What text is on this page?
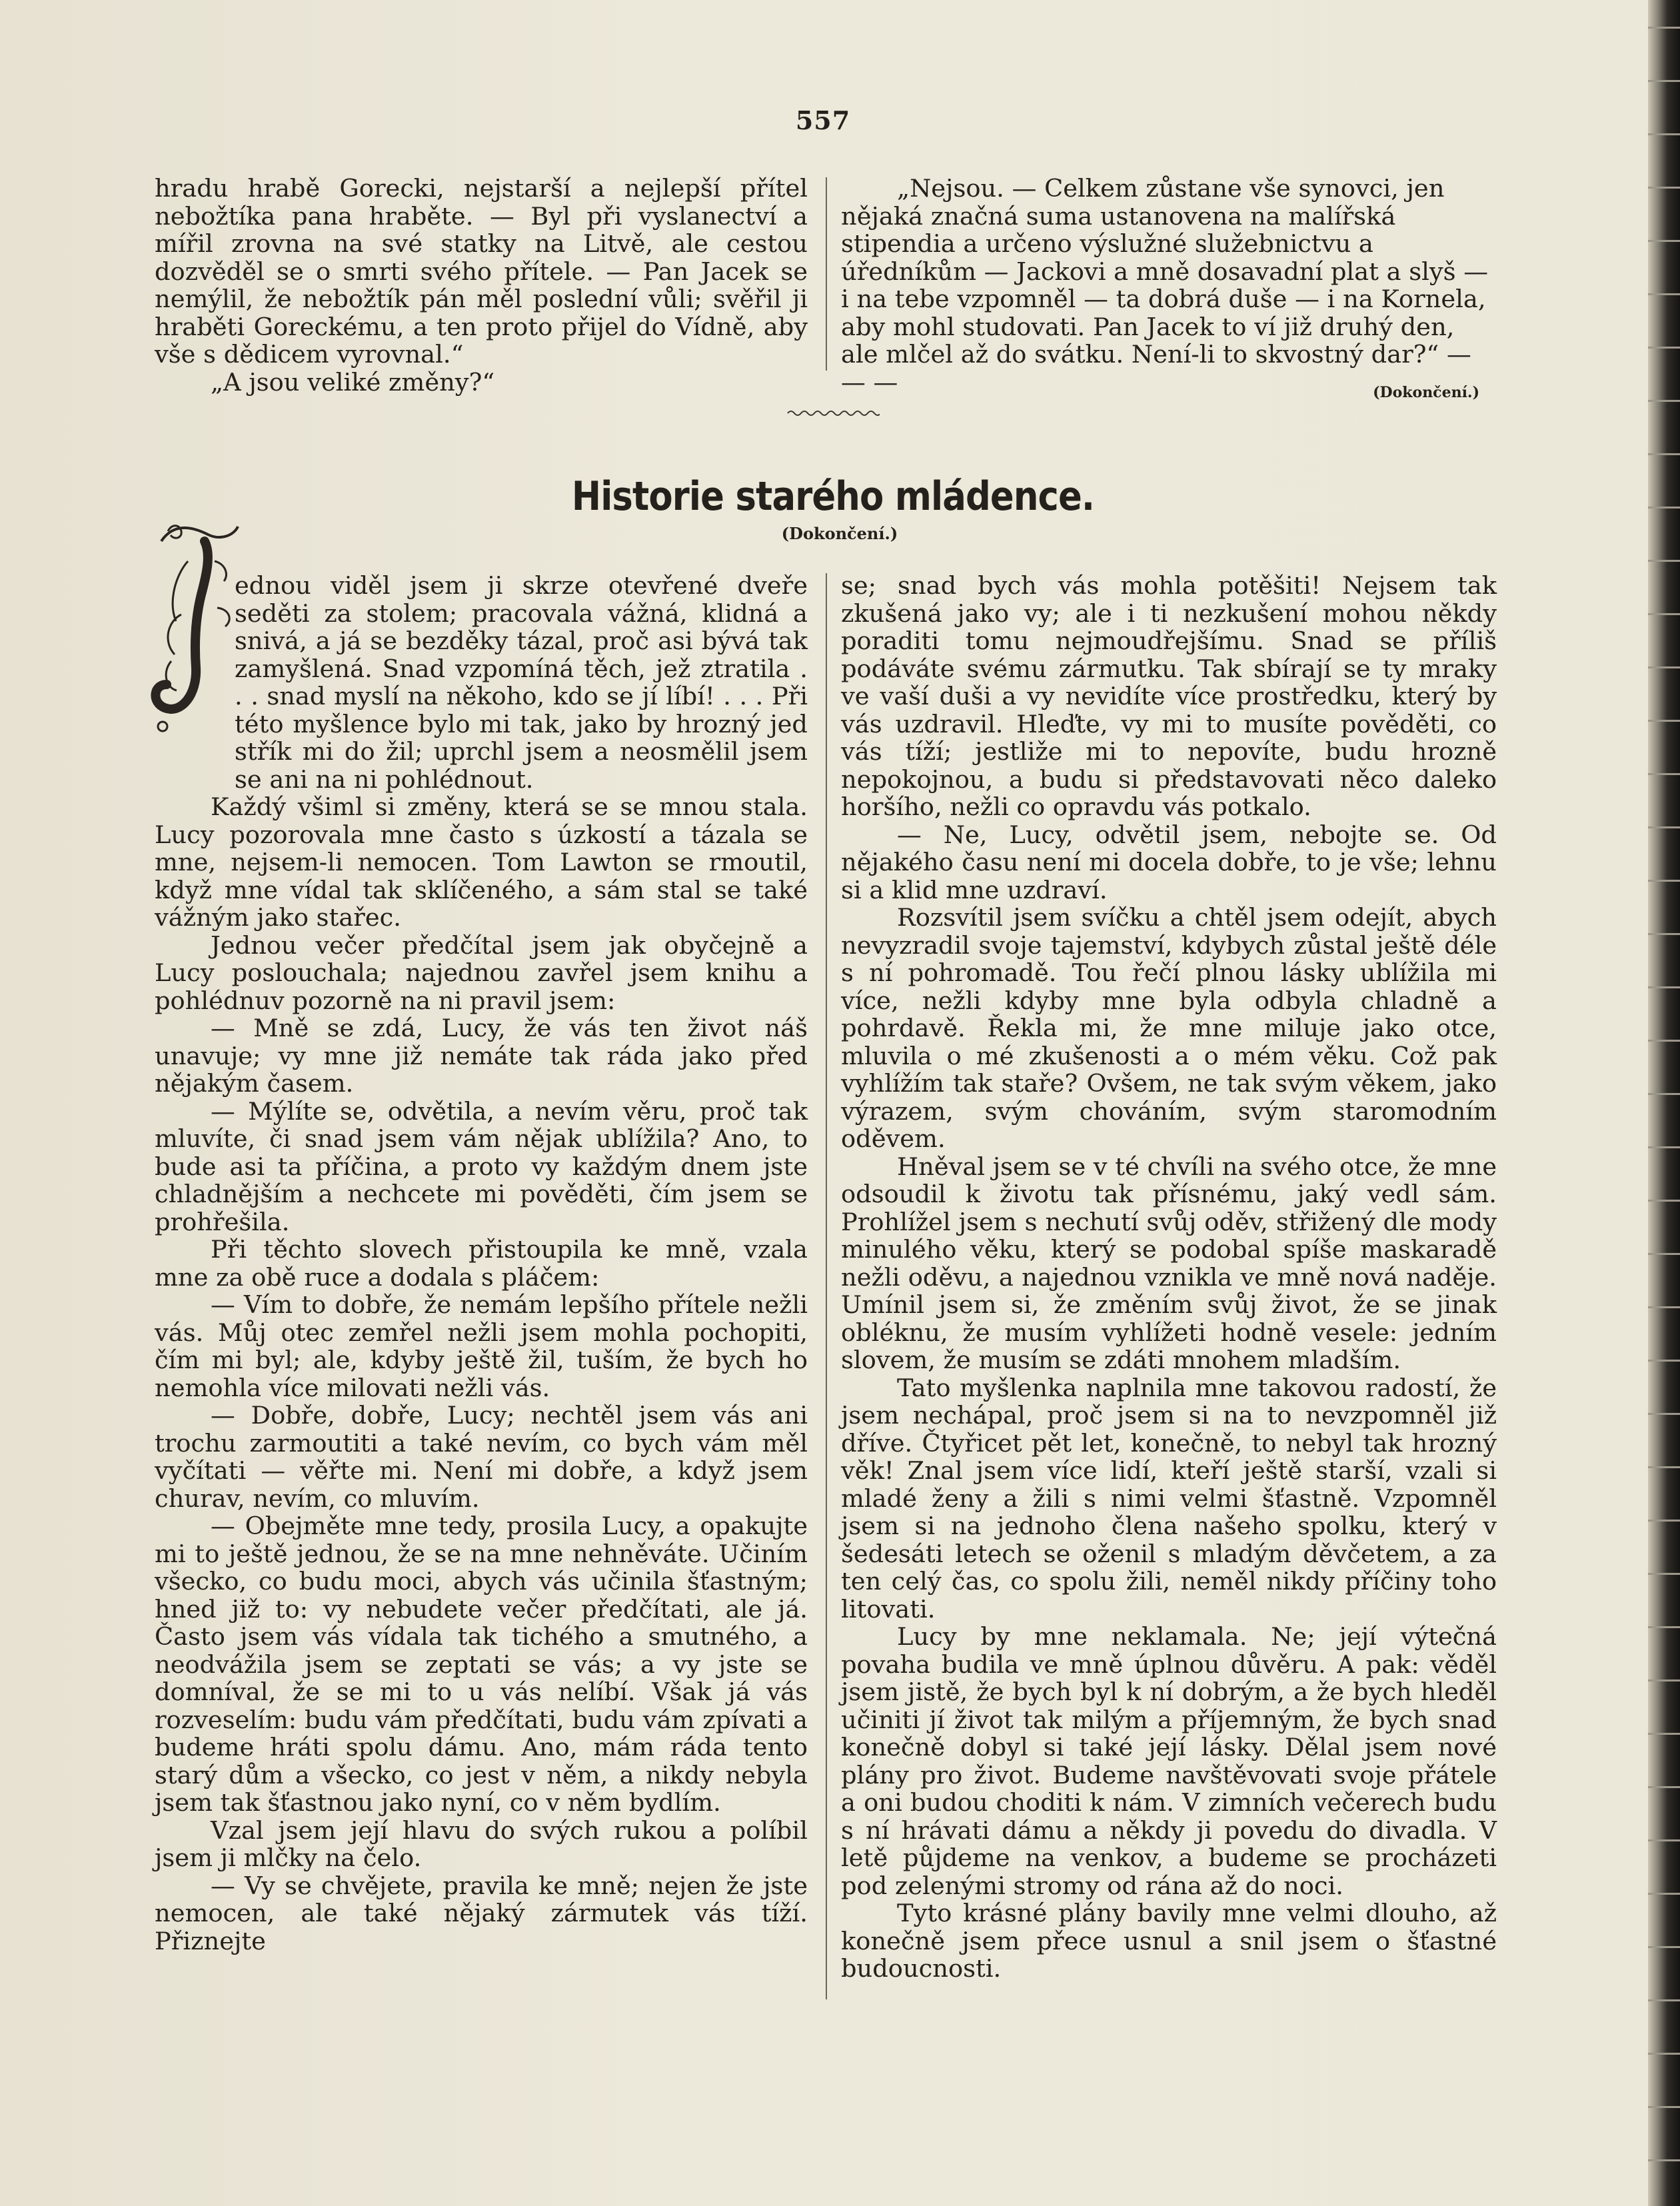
557

hradu hrabě Gorecki, nejstarší a nejlepší přítel nebožtíka pana hraběte. — Byl při vyslanectví a mířil zrovna na své statky na Litvě, ale cestou dozvěděl se o smrti svého přítele. — Pan Jacek se nemýlil, že nebožtík pán měl poslední vůli; svěřil ji hraběti Goreckému, a ten proto přijel do Vídně, aby vše s dědicem vyrovnal.“

„A jsou veliké změny?“

„Nejsou. — Celkem zůstane vše synovci, jen nějaká značná suma ustanovena na malířská stipendia a určeno výslužné služebnictvu a úředníkům — Jackovi a mně dosavadní plat a slyš — i na tebe vzpomněl — ta dobrá duše — i na Kornela, aby mohl studovati. Pan Jacek to ví již druhý den, ale mlčel až do svátku. Není-li to skvostný dar?“ — — —	(Dokončení.)
Historie starého mládence.
(Dokončení.)

ednou viděl jsem ji skrze otevřené dveře seděti za stolem; pracovala vážná, klidná a snivá, a já se bezděky tázal, proč asi bývá tak zamyšlená. Snad vzpomíná těch, jež ztratila . . . snad myslí na někoho, kdo se jí líbí! . . . Při této myšlence bylo mi tak, jako by hrozný jed střík mi do žil; uprchl jsem a neosmělil jsem se ani na ni pohlédnout.

Každý všiml si změny, která se se mnou stala. Lucy pozorovala mne často s úzkostí a tázala se mne, nejsem-li nemocen. Tom Lawton se rmoutil, když mne vídal tak sklíčeného, a sám stal se také vážným jako stařec.

Jednou večer předčítal jsem jak obyčejně a Lucy poslouchala; najednou zavřel jsem knihu a pohlédnuv pozorně na ni pravil jsem:

— Mně se zdá, Lucy, že vás ten život náš unavuje; vy mne již nemáte tak ráda jako před nějakým časem.

— Mýlíte se, odvětila, a nevím věru, proč tak mluvíte, či snad jsem vám nějak ublížila? Ano, to bude asi ta příčina, a proto vy každým dnem jste chladnějším a nechcete mi pověděti, čím jsem se prohřešila.

Při těchto slovech přistoupila ke mně, vzala mne za obě ruce a dodala s pláčem:

— Vím to dobře, že nemám lepšího přítele nežli vás. Můj otec zemřel nežli jsem mohla pochopiti, čím mi byl; ale, kdyby ještě žil, tuším, že bych ho nemohla více milovati nežli vás.

— Dobře, dobře, Lucy; nechtěl jsem vás ani trochu zarmoutiti a také nevím, co bych vám měl vyčítati — věřte mi. Není mi dobře, a když jsem churav, nevím, co mluvím.

— Obejměte mne tedy, prosila Lucy, a opakujte mi to ještě jednou, že se na mne nehněváte. Učiním všecko, co budu moci, abych vás učinila šťastným; hned již to: vy nebudete večer předčítati, ale já. Často jsem vás vídala tak tichého a smutného, a neodvážila jsem se zeptati se vás; a vy jste se domníval, že se mi to u vás nelíbí. Však já vás rozveselím: budu vám předčítati, budu vám zpívati a budeme hráti spolu dámu. Ano, mám ráda tento starý dům a všecko, co jest v něm, a nikdy nebyla jsem tak šťastnou jako nyní, co v něm bydlím.

Vzal jsem její hlavu do svých rukou a políbil jsem ji mlčky na čelo.

— Vy se chvějete, pravila ke mně; nejen že jste nemocen, ale také nějaký zármutek vás tíží. Přiznejte

se; snad bych vás mohla potěšiti! Nejsem tak zkušená jako vy; ale i ti nezkušení mohou někdy poraditi tomu nejmoudřejšímu. Snad se příliš podáváte svému zármutku. Tak sbírají se ty mraky ve vaší duši a vy nevidíte více prostředku, který by vás uzdravil. Hleďte, vy mi to musíte pověděti, co vás tíží; jestliže mi to nepovíte, budu hrozně nepokojnou, a budu si představovati něco daleko horšího, nežli co opravdu vás potkalo.

— Ne, Lucy, odvětil jsem, nebojte se. Od nějakého času není mi docela dobře, to je vše; lehnu si a klid mne uzdraví.

Rozsvítil jsem svíčku a chtěl jsem odejít, abych nevyzradil svoje tajemství, kdybych zůstal ještě déle s ní pohromadě. Tou řečí plnou lásky ublížila mi více, nežli kdyby mne byla odbyla chladně a pohrdavě. Řekla mi, že mne miluje jako otce, mluvila o mé zkušenosti a o mém věku. Což pak vyhlížím tak staře? Ovšem, ne tak svým věkem, jako výrazem, svým chováním, svým staromodním oděvem.

Hněval jsem se v té chvíli na svého otce, že mne odsoudil k životu tak přísnému, jaký vedl sám. Prohlížel jsem s nechutí svůj oděv, střižený dle mody minulého věku, který se podobal spíše maskaradě nežli oděvu, a najednou vznikla ve mně nová naděje. Umínil jsem si, že změním svůj život, že se jinak obléknu, že musím vyhlížeti hodně vesele: jedním slovem, že musím se zdáti mnohem mladším.

Tato myšlenka naplnila mne takovou radostí, že jsem nechápal, proč jsem si na to nevzpomněl již dříve. Čtyřicet pět let, konečně, to nebyl tak hrozný věk! Znal jsem více lidí, kteří ještě starší, vzali si mladé ženy a žili s nimi velmi šťastně. Vzpomněl jsem si na jednoho člena našeho spolku, který v šedesáti letech se oženil s mladým děvčetem, a za ten celý čas, co spolu žili, neměl nikdy příčiny toho litovati.

Lucy by mne neklamala. Ne; její výtečná povaha budila ve mně úplnou důvěru. A pak: věděl jsem jistě, že bych byl k ní dobrým, a že bych hleděl učiniti jí život tak milým a příjemným, že bych snad konečně dobyl si také její lásky. Dělal jsem nové plány pro život. Budeme navštěvovati svoje přátele a oni budou choditi k nám. V zimních večerech budu s ní hrávati dámu a někdy ji povedu do divadla. V letě půjdeme na venkov, a budeme se procházeti pod zelenými stromy od rána až do noci.

Tyto krásné plány bavily mne velmi dlouho, až konečně jsem přece usnul a snil jsem o šťastné budoucnosti.
